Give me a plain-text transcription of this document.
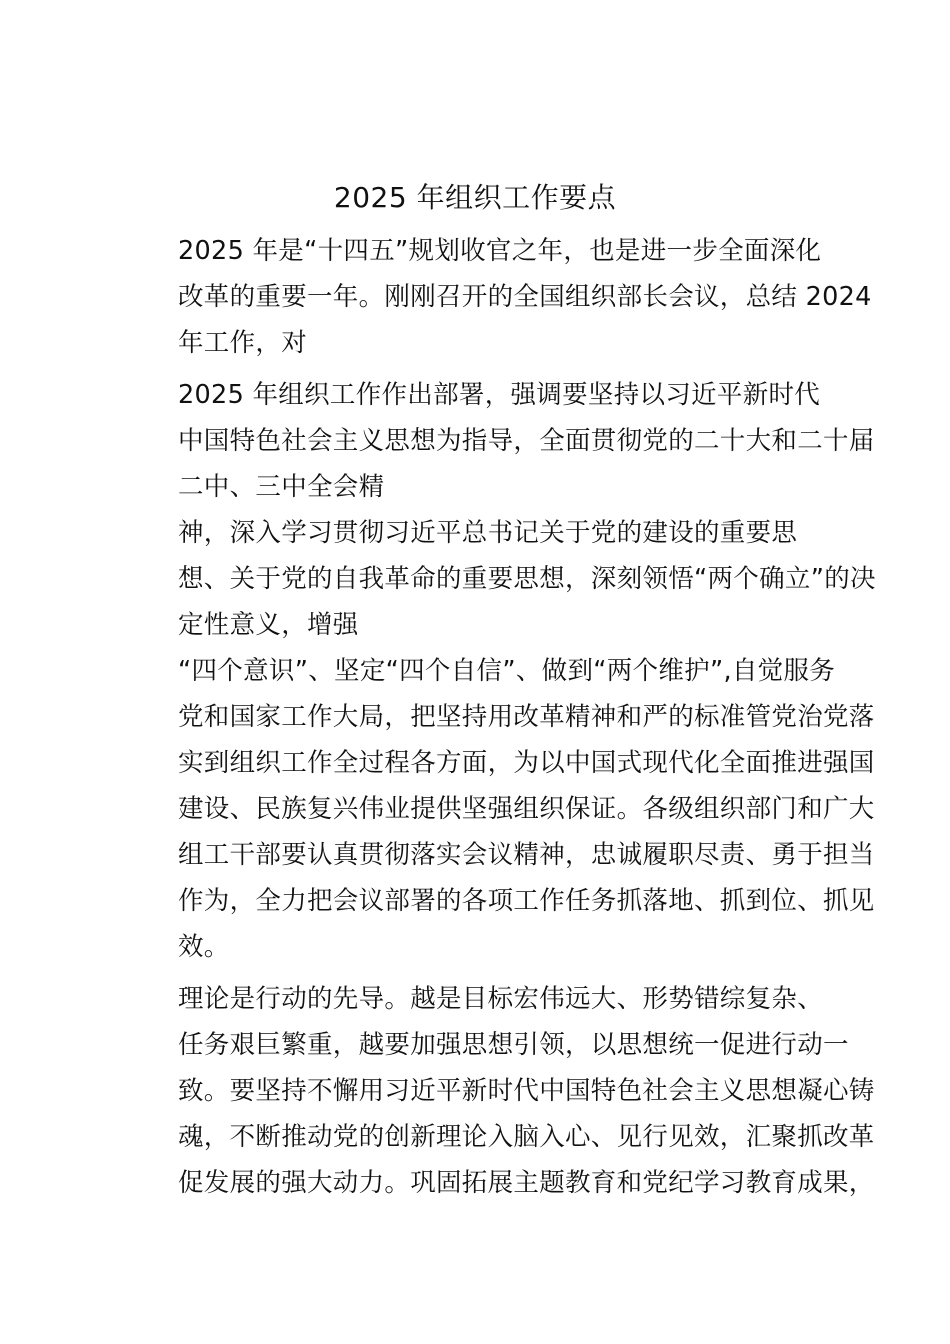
2025 年组织工作要点

2025 年是“十四五”规划收官之年，也是进一步全面深化
改革的重要一年。刚刚召开的全国组织部长会议，总结 2024
年工作，对

2025 年组织工作作出部署，强调要坚持以习近平新时代
中国特色社会主义思想为指导，全面贯彻党的二十大和二十届
二中、三中全会精

神，深入学习贯彻习近平总书记关于党的建设的重要思
想、关于党的自我革命的重要思想，深刻领悟“两个确立”的决
定性意义，增强

“四个意识”、坚定“四个自信”、做到“两个维护”,自觉服务
党和国家工作大局，把坚持用改革精神和严的标准管党治党落
实到组织工作全过程各方面，为以中国式现代化全面推进强国
建设、民族复兴伟业提供坚强组织保证。各级组织部门和广大
组工干部要认真贯彻落实会议精神，忠诚履职尽责、勇于担当
作为，全力把会议部署的各项工作任务抓落地、抓到位、抓见
效。

理论是行动的先导。越是目标宏伟远大、形势错综复杂、
任务艰巨繁重，越要加强思想引领，以思想统一促进行动一
致。要坚持不懈用习近平新时代中国特色社会主义思想凝心铸
魂，不断推动党的创新理论入脑入心、见行见效，汇聚抓改革
促发展的强大动力。巩固拓展主题教育和党纪学习教育成果，
